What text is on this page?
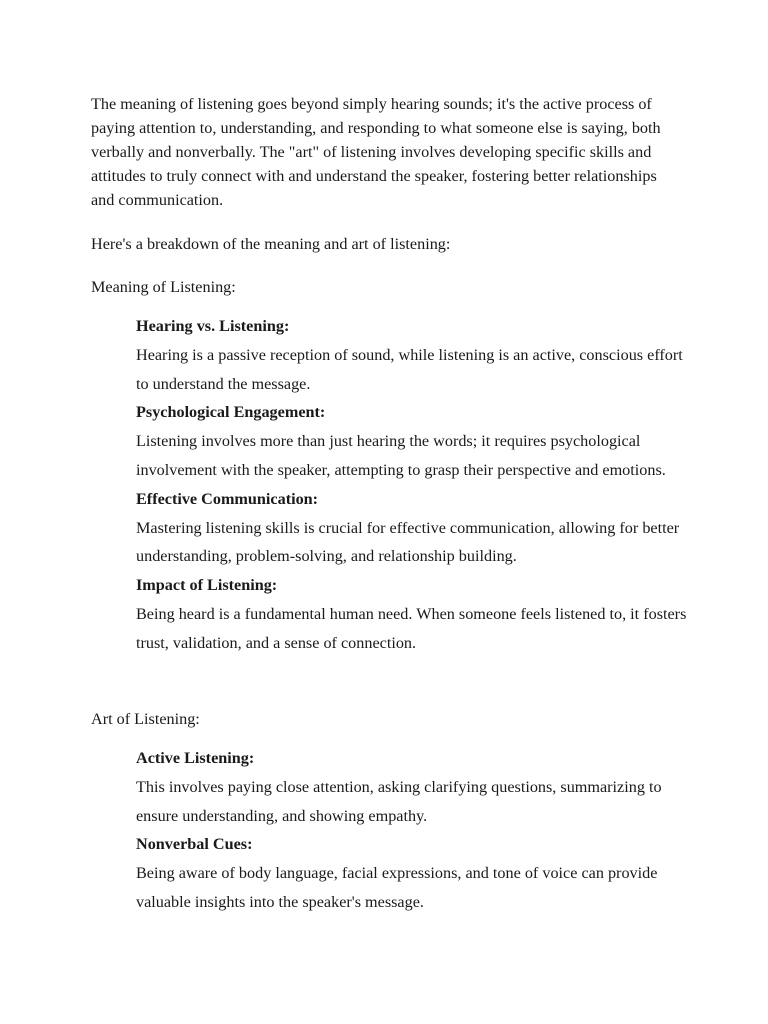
The meaning of listening goes beyond simply hearing sounds; it's the active process of paying attention to, understanding, and responding to what someone else is saying, both verbally and nonverbally. The "art" of listening involves developing specific skills and attitudes to truly connect with and understand the speaker, fostering better relationships and communication.

Here's a breakdown of the meaning and art of listening:

Meaning of Listening:

Hearing vs. Listening:
Hearing is a passive reception of sound, while listening is an active, conscious effort to understand the message.
Psychological Engagement:
Listening involves more than just hearing the words; it requires psychological involvement with the speaker, attempting to grasp their perspective and emotions.
Effective Communication:
Mastering listening skills is crucial for effective communication, allowing for better understanding, problem-solving, and relationship building.
Impact of Listening:
Being heard is a fundamental human need. When someone feels listened to, it fosters trust, validation, and a sense of connection.

Art of Listening:

Active Listening:
This involves paying close attention, asking clarifying questions, summarizing to ensure understanding, and showing empathy.
Nonverbal Cues:
Being aware of body language, facial expressions, and tone of voice can provide valuable insights into the speaker's message.
